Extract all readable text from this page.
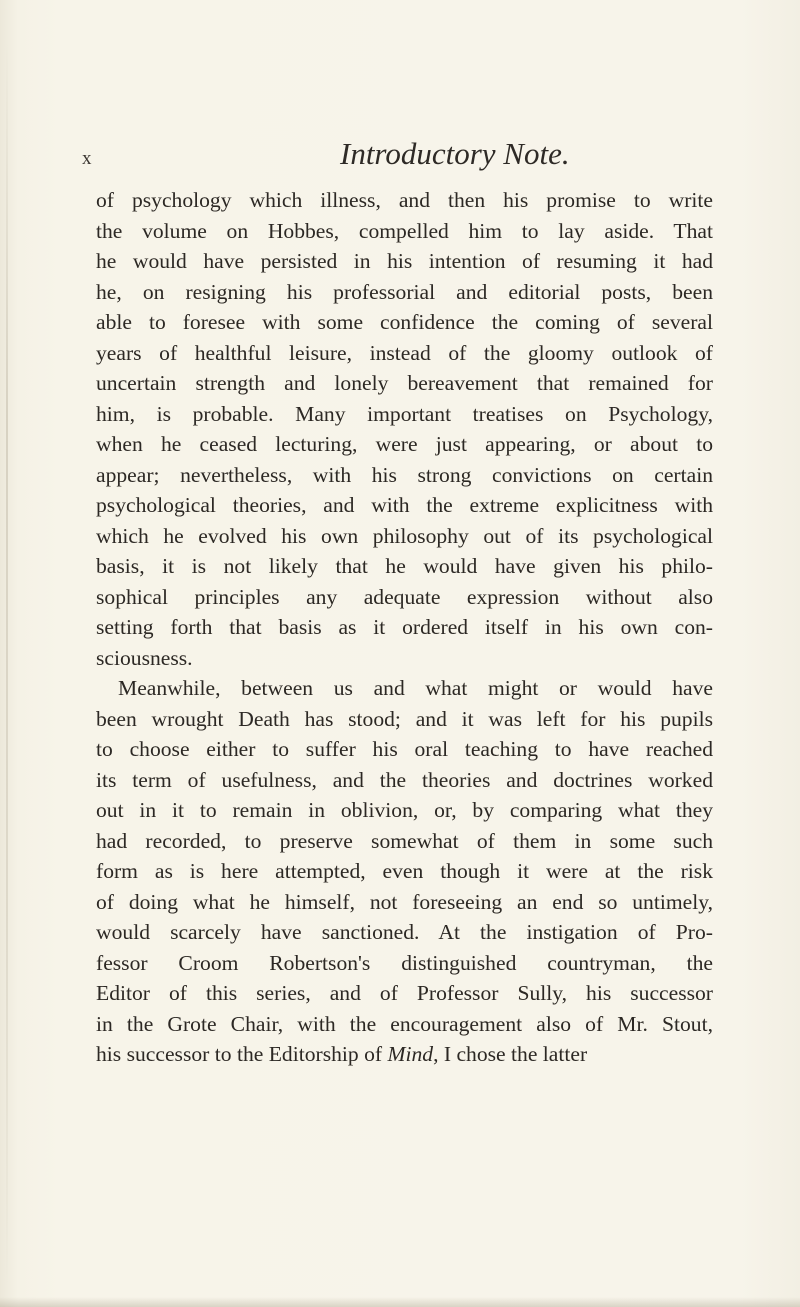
x	Introductory Note.
of psychology which illness, and then his promise to write
the volume on Hobbes, compelled him to lay aside. That
he would have persisted in his intention of resuming it had
he, on resigning his professorial and editorial posts, been
able to foresee with some confidence the coming of several
years of healthful leisure, instead of the gloomy outlook of
uncertain strength and lonely bereavement that remained for
him, is probable. Many important treatises on Psychology,
when he ceased lecturing, were just appearing, or about to
appear; nevertheless, with his strong convictions on certain
psychological theories, and with the extreme explicitness with
which he evolved his own philosophy out of its psychological
basis, it is not likely that he would have given his philo-
sophical principles any adequate expression without also
setting forth that basis as it ordered itself in his own con-
sciousness.
Meanwhile, between us and what might or would have
been wrought Death has stood; and it was left for his pupils
to choose either to suffer his oral teaching to have reached
its term of usefulness, and the theories and doctrines worked
out in it to remain in oblivion, or, by comparing what they
had recorded, to preserve somewhat of them in some such
form as is here attempted, even though it were at the risk
of doing what he himself, not foreseeing an end so untimely,
would scarcely have sanctioned. At the instigation of Pro-
fessor Croom Robertson's distinguished countryman, the
Editor of this series, and of Professor Sully, his successor
in the Grote Chair, with the encouragement also of Mr. Stout,
his successor to the Editorship of Mind, I chose the latter
